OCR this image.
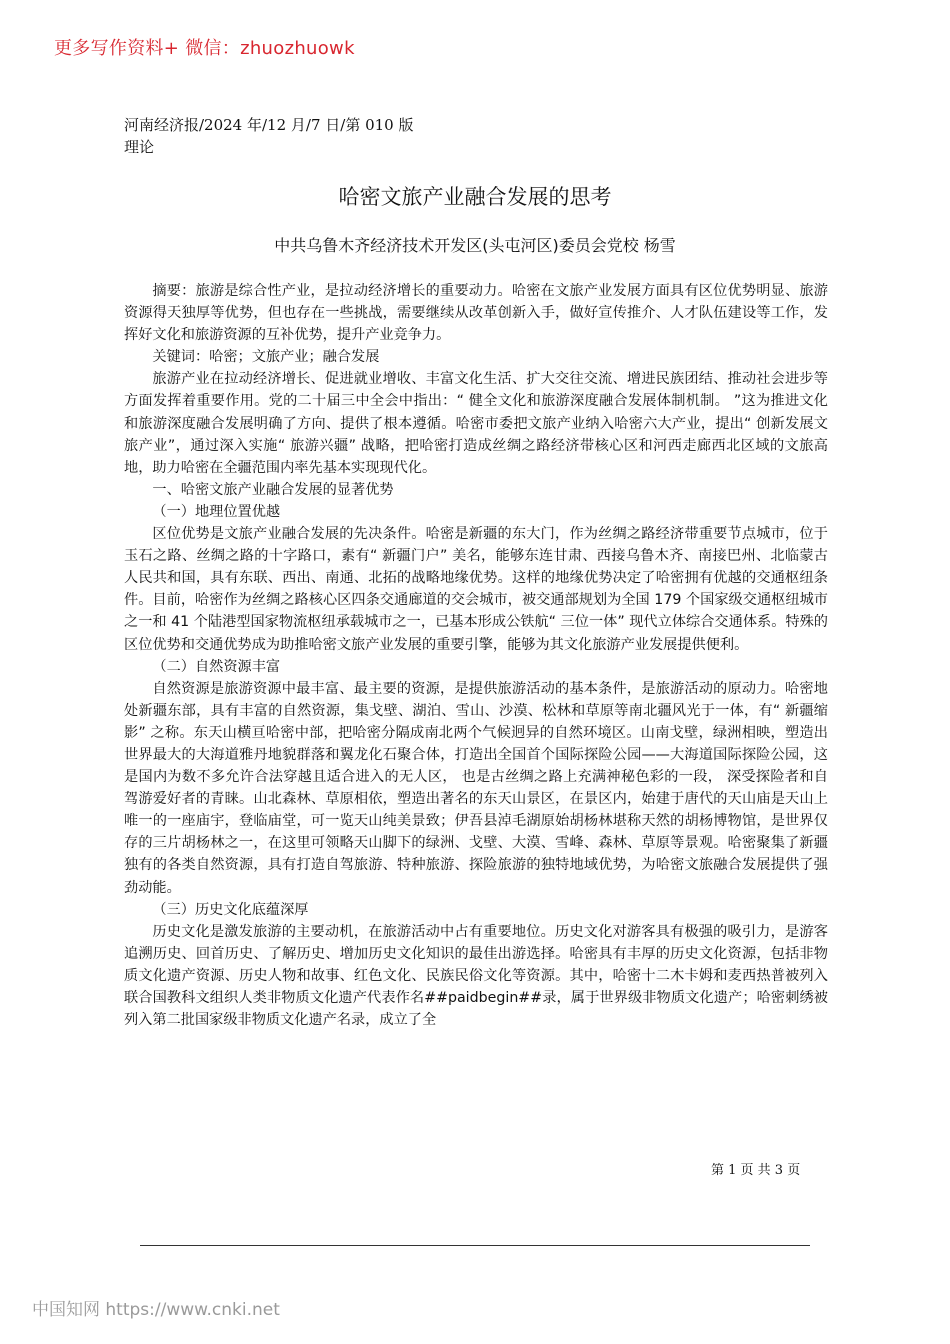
更多写作资料+ 微信：zhuozhuowk
河南经济报/2024 年/12 月/7 日/第 010 版理论
哈密文旅产业融合发展的思考
中共乌鲁木齐经济技术开发区(头屯河区)委员会党校 杨雪

摘要：旅游是综合性产业，是拉动经济增长的重要动力。哈密在文旅产业发展方面具有区位优势明显、旅游资源得天独厚等优势，但也存在一些挑战，需要继续从改革创新入手，做好宣传推介、人才队伍建设等工作，发挥好文化和旅游资源的互补优势，提升产业竞争力。

关键词：哈密；文旅产业；融合发展

旅游产业在拉动经济增长、促进就业增收、丰富文化生活、扩大交往交流、增进民族团结、推动社会进步等方面发挥着重要作用。党的二十届三中全会中指出：“ 健全文化和旅游深度融合发展体制机制。 ”这为推进文化和旅游深度融合发展明确了方向、提供了根本遵循。哈密市委把文旅产业纳入哈密六大产业，提出“ 创新发展文旅产业”，通过深入实施“ 旅游兴疆” 战略，把哈密打造成丝绸之路经济带核心区和河西走廊西北区域的文旅高地，助力哈密在全疆范围内率先基本实现现代化。

一、哈密文旅产业融合发展的显著优势

（一）地理位置优越

区位优势是文旅产业融合发展的先决条件。哈密是新疆的东大门，作为丝绸之路经济带重要节点城市，位于玉石之路、丝绸之路的十字路口，素有“ 新疆门户” 美名，能够东连甘肃、西接乌鲁木齐、南接巴州、北临蒙古人民共和国，具有东联、西出、南通、北拓的战略地缘优势。这样的地缘优势决定了哈密拥有优越的交通枢纽条件。目前，哈密作为丝绸之路核心区四条交通廊道的交会城市，被交通部规划为全国 179 个国家级交通枢纽城市之一和 41 个陆港型国家物流枢纽承载城市之一，已基本形成公铁航“ 三位一体” 现代立体综合交通体系。特殊的区位优势和交通优势成为助推哈密文旅产业发展的重要引擎，能够为其文化旅游产业发展提供便利。

（二）自然资源丰富

自然资源是旅游资源中最丰富、最主要的资源，是提供旅游活动的基本条件，是旅游活动的原动力。哈密地处新疆东部，具有丰富的自然资源，集戈壁、湖泊、雪山、沙漠、松林和草原等南北疆风光于一体，有“ 新疆缩影” 之称。东天山横亘哈密中部，把哈密分隔成南北两个气候迥异的自然环境区。山南戈壁，绿洲相映，塑造出世界最大的大海道雅丹地貌群落和翼龙化石聚合体，打造出全国首个国际探险公园——大海道国际探险公园，这是国内为数不多允许合法穿越且适合进入的无人区， 也是古丝绸之路上充满神秘色彩的一段， 深受探险者和自驾游爱好者的青睐。山北森林、草原相依，塑造出著名的东天山景区，在景区内，始建于唐代的天山庙是天山上唯一的一座庙宇，登临庙堂，可一览天山纯美景致；伊吾县淖毛湖原始胡杨林堪称天然的胡杨博物馆，是世界仅存的三片胡杨林之一，在这里可领略天山脚下的绿洲、戈壁、大漠、雪峰、森林、草原等景观。哈密聚集了新疆独有的各类自然资源，具有打造自驾旅游、特种旅游、探险旅游的独特地域优势，为哈密文旅融合发展提供了强劲动能。

（三）历史文化底蕴深厚

历史文化是激发旅游的主要动机，在旅游活动中占有重要地位。历史文化对游客具有极强的吸引力，是游客追溯历史、回首历史、了解历史、增加历史文化知识的最佳出游选择。哈密具有丰厚的历史文化资源，包括非物质文化遗产资源、历史人物和故事、红色文化、民族民俗文化等资源。其中，哈密十二木卡姆和麦西热普被列入联合国教科文组织人类非物质文化遗产代表作名##paidbegin##录，属于世界级非物质文化遗产；哈密刺绣被列入第二批国家级非物质文化遗产名录，成立了全

第 1 页 共 3 页
中国知网 https://www.cnki.net
